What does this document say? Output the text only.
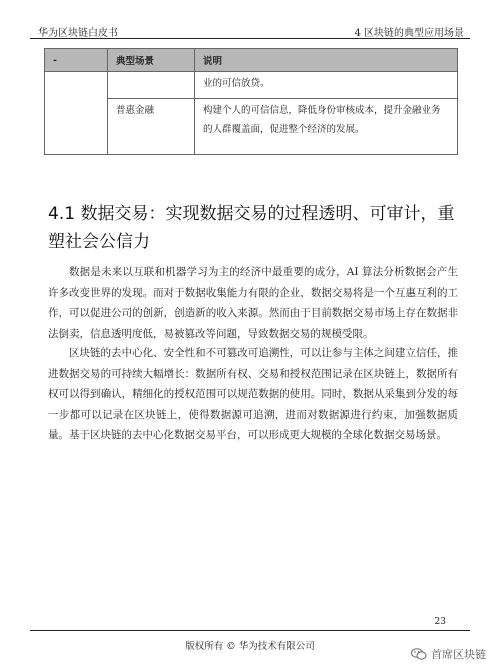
华为区块链白皮书	4 区块链的典型应用场景
-	典型场景	说明
		业的可信放贷。
	普惠金融	构建个人的可信信息，降低身份审核成本，提升金融业务的人群覆盖面，促进整个经济的发展。
4.1 数据交易：实现数据交易的过程透明、可审计，重塑社会公信力

数据是未来以互联和机器学习为主的经济中最重要的成分，AI 算法分析数据会产生许多改变世界的发现。而对于数据收集能力有限的企业，数据交易将是一个互惠互利的工作，可以促进公司的创新，创造新的收入来源。然而由于目前数据交易市场上存在数据非法倒卖，信息透明度低，易被篡改等问题，导致数据交易的规模受限。

区块链的去中心化、安全性和不可篡改可追溯性，可以让参与主体之间建立信任，推进数据交易的可持续大幅增长：数据所有权、交易和授权范围记录在区块链上，数据所有权可以得到确认，精细化的授权范围可以规范数据的使用。同时，数据从采集到分发的每一步都可以记录在区块链上，使得数据源可追溯，进而对数据源进行约束，加强数据质量。基于区块链的去中心化数据交易平台，可以形成更大规模的全球化数据交易场景。

23
版权所有 © 华为技术有限公司
首席区块链
